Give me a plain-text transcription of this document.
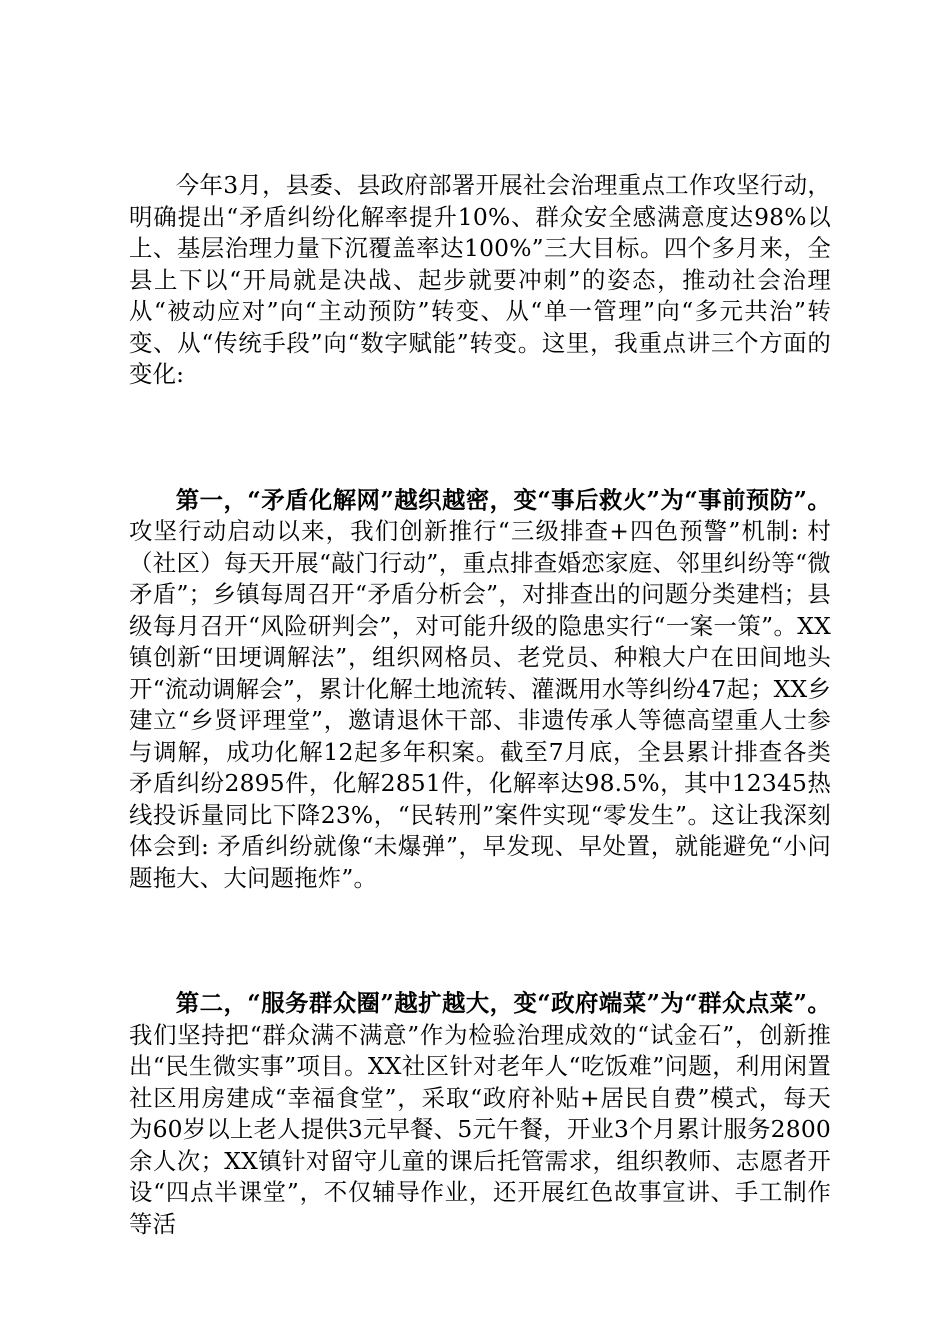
今年3月，县委、县政府部署开展社会治理重点工作攻坚行动，明确提出“矛盾纠纷化解率提升10%、群众安全感满意度达98%以上、基层治理力量下沉覆盖率达100%”三大目标。四个多月来，全县上下以“开局就是决战、起步就要冲刺”的姿态，推动社会治理从“被动应对”向“主动预防”转变、从“单一管理”向“多元共治”转变、从“传统手段”向“数字赋能”转变。这里，我重点讲三个方面的变化:

第一，“矛盾化解网”越织越密，变“事后救火”为“事前预防”。 攻坚行动启动以来，我们创新推行“三级排查+四色预警”机制: 村（社区）每天开展“敲门行动”，重点排查婚恋家庭、邻里纠纷等“微矛盾”；乡镇每周召开“矛盾分析会”，对排查出的问题分类建档；县级每月召开“风险研判会”，对可能升级的隐患实行“一案一策”。XX镇创新“田埂调解法”，组织网格员、老党员、种粮大户在田间地头开“流动调解会”，累计化解土地流转、灌溉用水等纠纷47起；XX乡建立“乡贤评理堂”，邀请退休干部、非遗传承人等德高望重人士参与调解，成功化解12起多年积案。截至7月底，全县累计排查各类矛盾纠纷2895件，化解2851件，化解率达98.5%，其中12345热线投诉量同比下降23%，“民转刑”案件实现“零发生”。这让我深刻体会到: 矛盾纠纷就像“未爆弹”，早发现、早处置，就能避免“小问题拖大、大问题拖炸”。

第二，“服务群众圈”越扩越大，变“政府端菜”为“群众点菜”。我们坚持把“群众满不满意”作为检验治理成效的“试金石”，创新推出“民生微实事”项目。XX社区针对老年人“吃饭难”问题，利用闲置社区用房建成“幸福食堂”，采取“政府补贴+居民自费”模式，每天为60岁以上老人提供3元早餐、5元午餐，开业3个月累计服务2800余人次；XX镇针对留守儿童的课后托管需求，组织教师、志愿者开设“四点半课堂”，不仅辅导作业，还开展红色故事宣讲、手工制作等活
